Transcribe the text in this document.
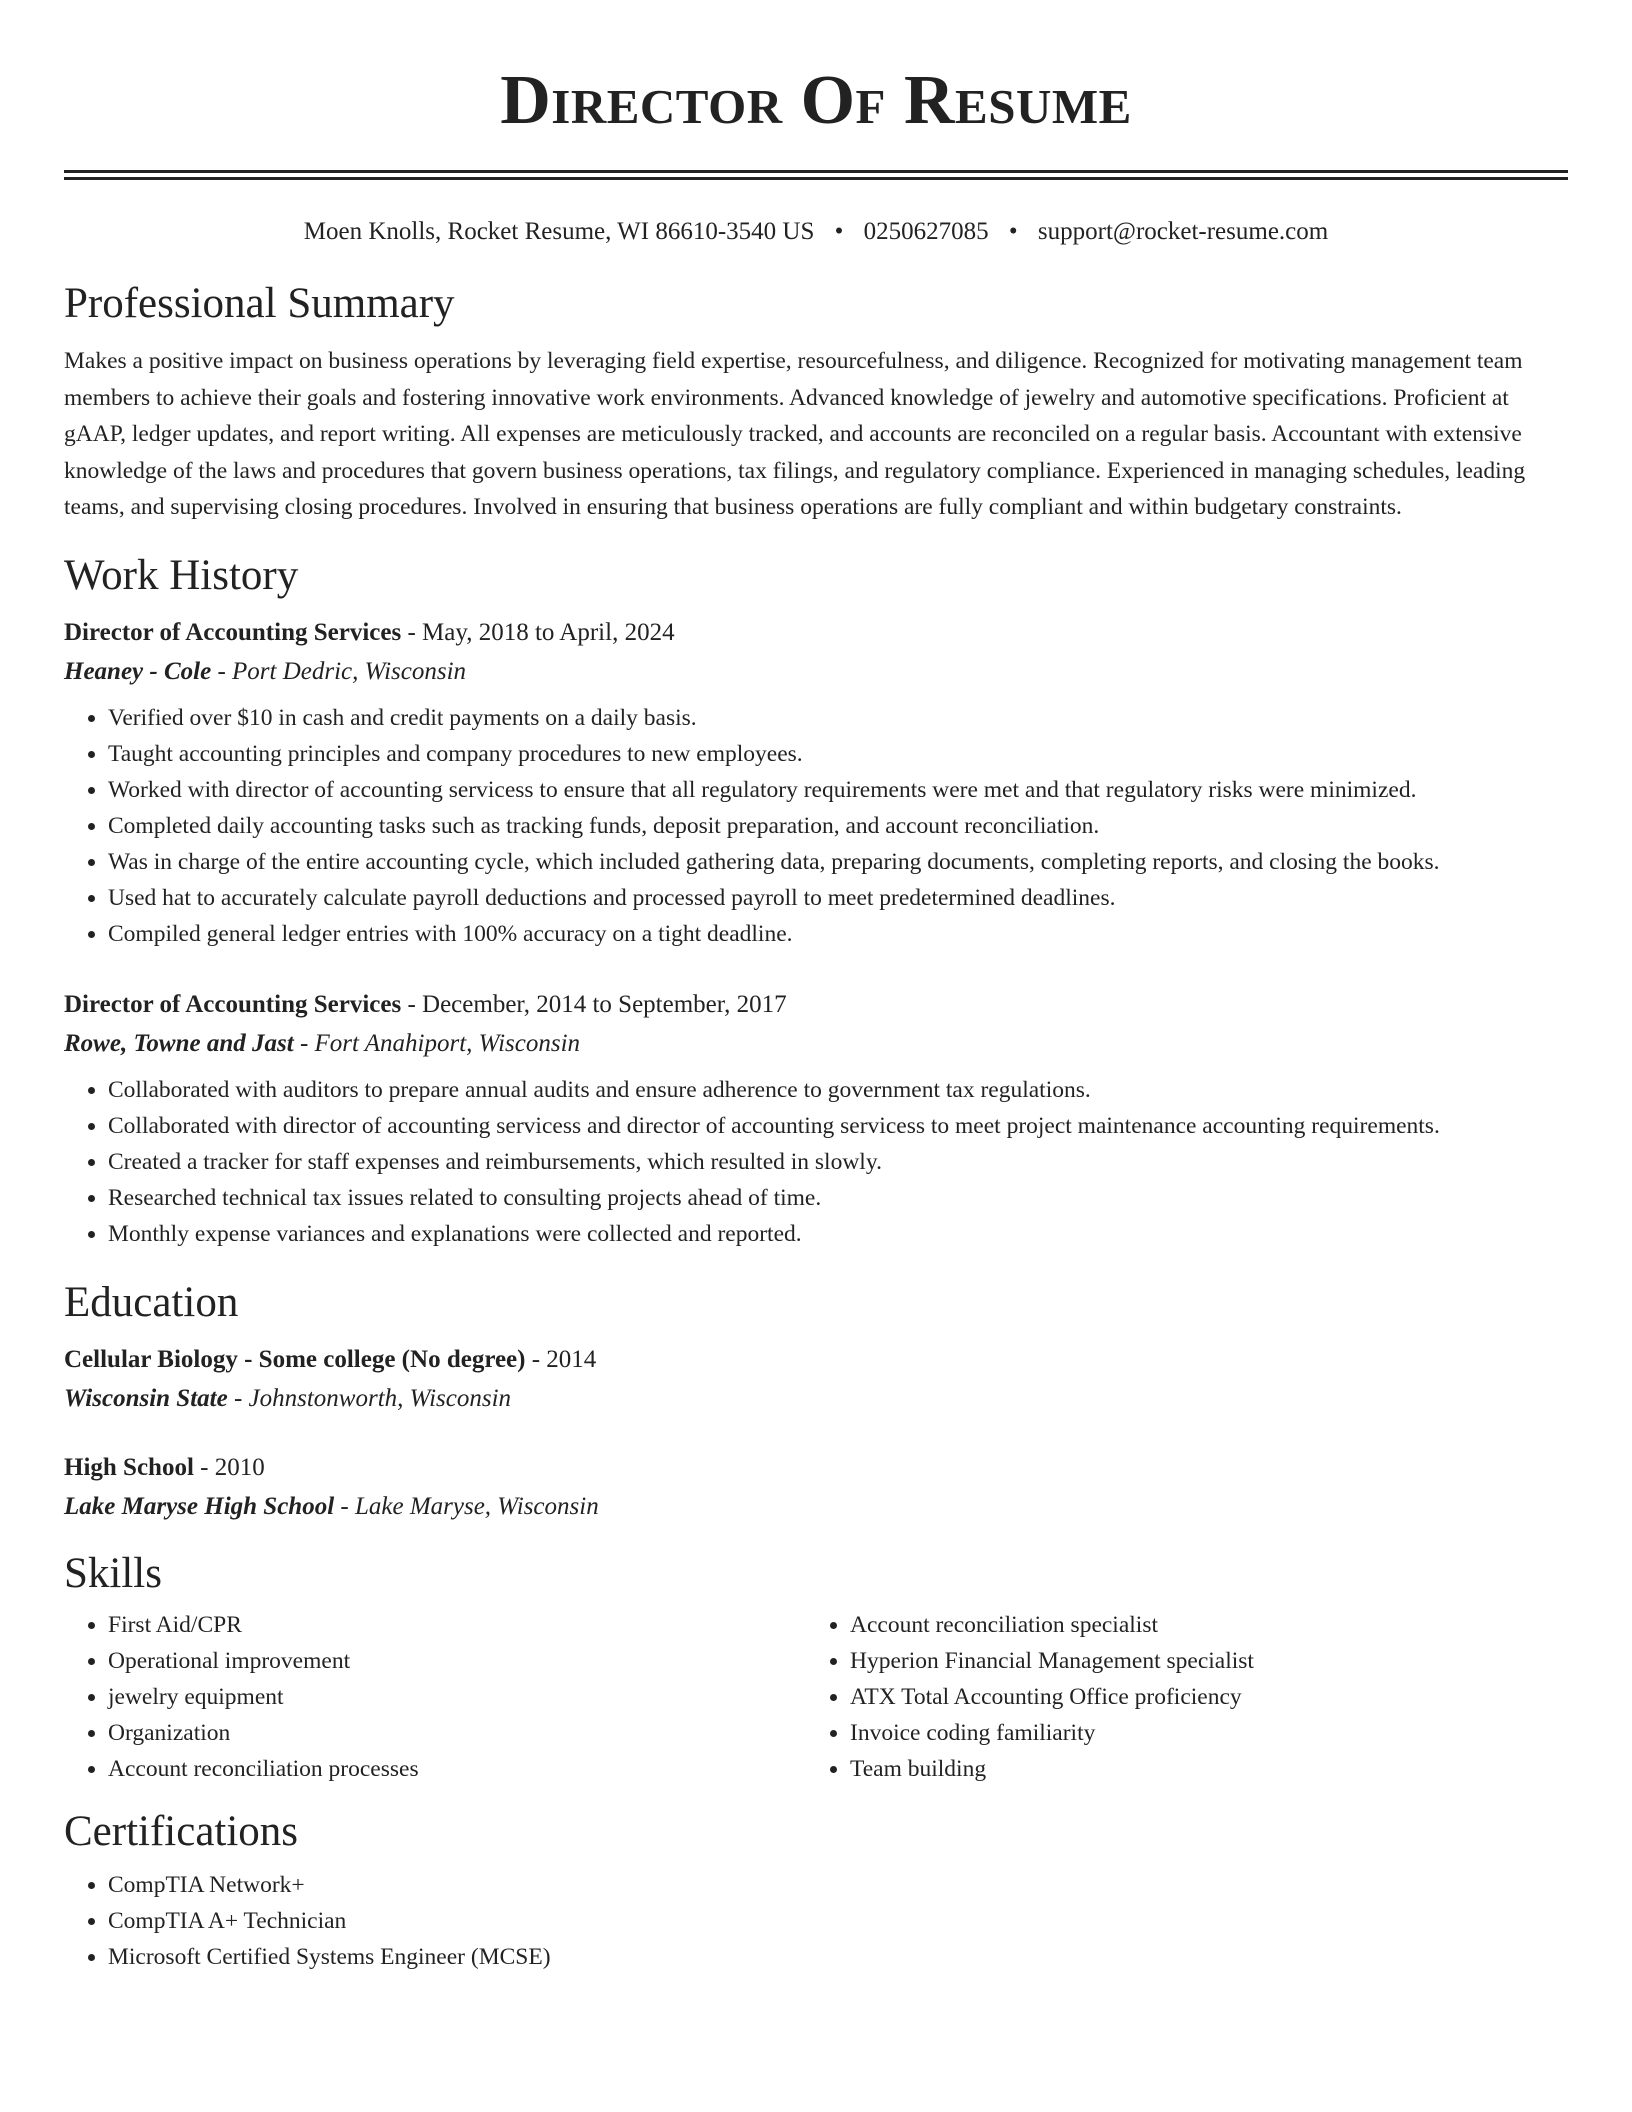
Director Of Resume
Moen Knolls, Rocket Resume, WI 86610-3540 US • 0250627085 • support@rocket-resume.com
Professional Summary

Makes a positive impact on business operations by leveraging field expertise, resourcefulness, and diligence. Recognized for motivating management team members to achieve their goals and fostering innovative work environments. Advanced knowledge of jewelry and automotive specifications. Proficient at gAAP, ledger updates, and report writing. All expenses are meticulously tracked, and accounts are reconciled on a regular basis. Accountant with extensive knowledge of the laws and procedures that govern business operations, tax filings, and regulatory compliance. Experienced in managing schedules, leading teams, and supervising closing procedures. Involved in ensuring that business operations are fully compliant and within budgetary constraints.

Work History
Director of Accounting Services - May, 2018 to April, 2024
Heaney - Cole - Port Dedric, Wisconsin
• Verified over $10 in cash and credit payments on a daily basis.
• Taught accounting principles and company procedures to new employees.
• Worked with director of accounting servicess to ensure that all regulatory requirements were met and that regulatory risks were minimized.
• Completed daily accounting tasks such as tracking funds, deposit preparation, and account reconciliation.
• Was in charge of the entire accounting cycle, which included gathering data, preparing documents, completing reports, and closing the books.
• Used hat to accurately calculate payroll deductions and processed payroll to meet predetermined deadlines.
• Compiled general ledger entries with 100% accuracy on a tight deadline.
Director of Accounting Services - December, 2014 to September, 2017
Rowe, Towne and Jast - Fort Anahiport, Wisconsin
• Collaborated with auditors to prepare annual audits and ensure adherence to government tax regulations.
• Collaborated with director of accounting servicess and director of accounting servicess to meet project maintenance accounting requirements.
• Created a tracker for staff expenses and reimbursements, which resulted in slowly.
• Researched technical tax issues related to consulting projects ahead of time.
• Monthly expense variances and explanations were collected and reported.
Education
Cellular Biology - Some college (No degree) - 2014
Wisconsin State - Johnstonworth, Wisconsin
High School - 2010
Lake Maryse High School - Lake Maryse, Wisconsin
Skills
• First Aid/CPR
• Operational improvement
• jewelry equipment
• Organization
• Account reconciliation processes
• Account reconciliation specialist
• Hyperion Financial Management specialist
• ATX Total Accounting Office proficiency
• Invoice coding familiarity
• Team building
Certifications
• CompTIA Network+
• CompTIA A+ Technician
• Microsoft Certified Systems Engineer (MCSE)
